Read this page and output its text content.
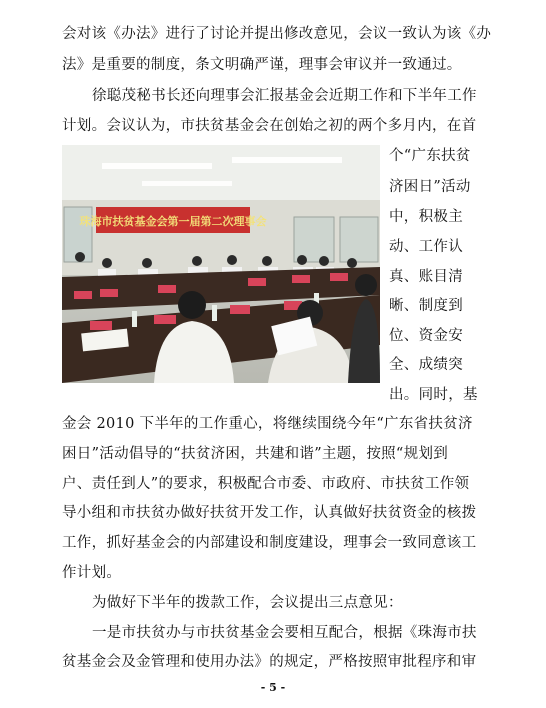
会对该《办法》进行了讨论并提出修改意见，会议一致认为该《办
法》是重要的制度，条文明确严谨，理事会审议并一致通过。
徐聪茂秘书长还向理事会汇报基金会近期工作和下半年工作
计划。会议认为，市扶贫基金会在创始之初的两个多月内，在首
珠海市扶贫基金会第一届第二次理事会
个“广东扶贫
济困日”活动
中，积极主
动、工作认
真、账目清
晰、制度到
位、资金安
全、成绩突
出。同时，基
金会 2010 下半年的工作重心，将继续围绕今年“广东省扶贫济
困日”活动倡导的“扶贫济困，共建和谐”主题，按照“规划到
户、责任到人”的要求，积极配合市委、市政府、市扶贫工作领
导小组和市扶贫办做好扶贫开发工作，认真做好扶贫资金的核拨
工作，抓好基金会的内部建设和制度建设，理事会一致同意该工
作计划。
为做好下半年的拨款工作，会议提出三点意见：
一是市扶贫办与市扶贫基金会要相互配合，根据《珠海市扶
贫基金会及金管理和使用办法》的规定，严格按照审批程序和审
- 5 -
